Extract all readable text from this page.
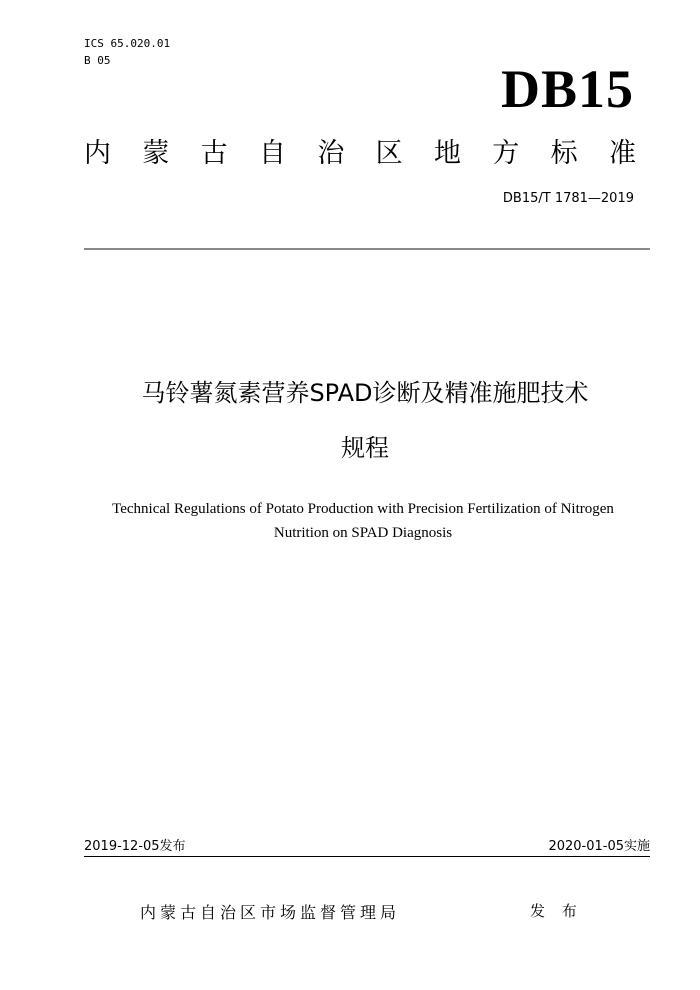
ICS 65.020.01
B 05	DB15
内 蒙 古 自 治 区 地 方 标 准
DB15/T 1781—2019
马铃薯氮素营养SPAD诊断及精准施肥技术
规程
Technical Regulations of Potato Production with Precision Fertilization of Nitrogen
Nutrition on SPAD Diagnosis
2019-12-05发布	2020-01-05实施
内蒙古自治区市场监督管理局	发 布
